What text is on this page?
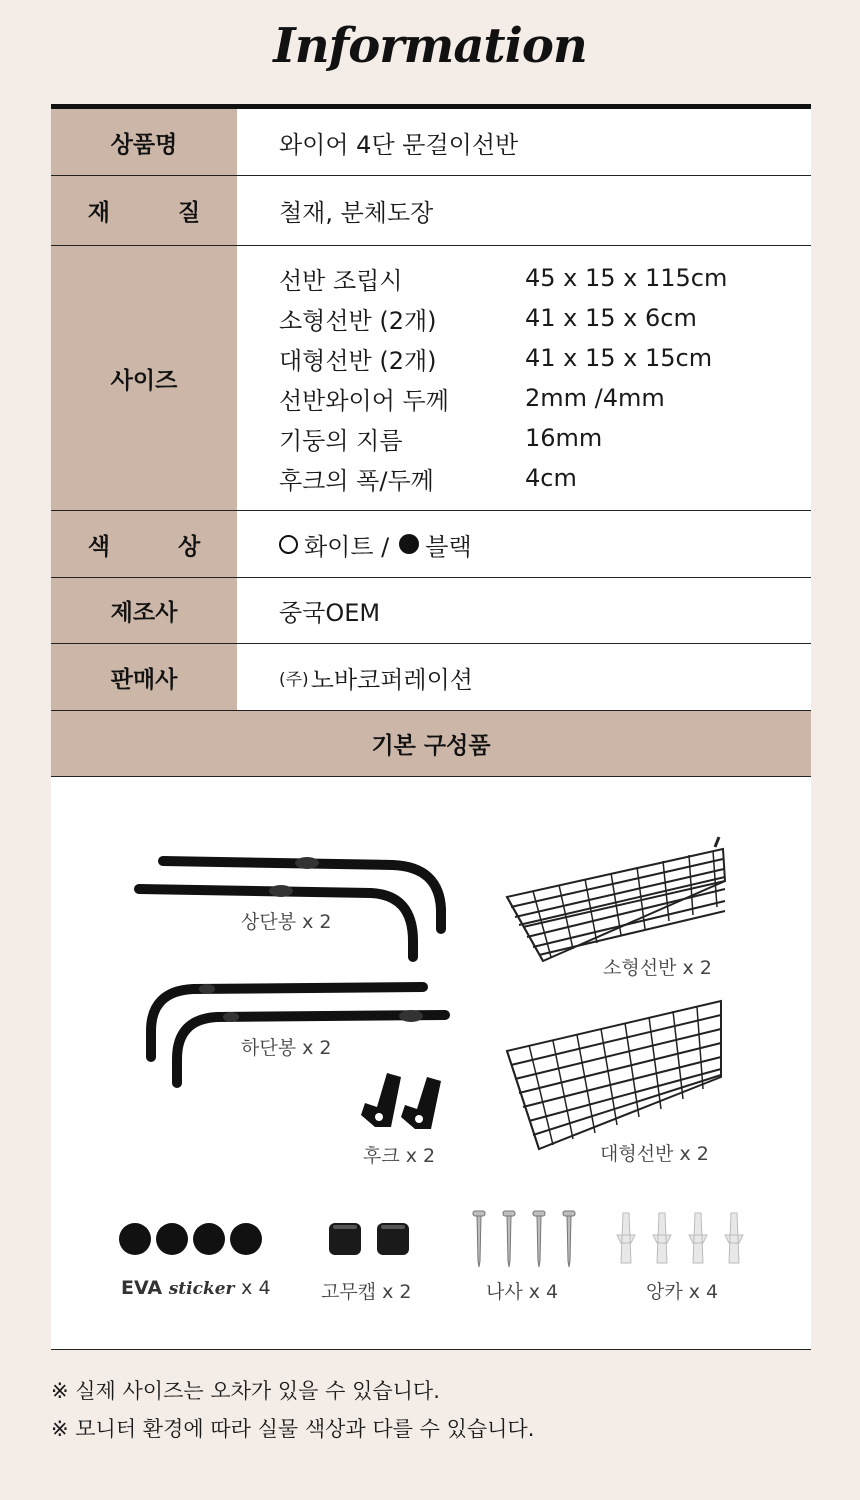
Information
상품명	와이어 4단 문걸이선반
재 질	철재, 분체도장
사이즈
선반 조립시	45 x 15 x 115cm
소형선반 (2개)	41 x 15 x 6cm
대형선반 (2개)	41 x 15 x 15cm
선반와이어 두께	2mm /4mm
기둥의 지름	16mm
후크의 폭/두께	4cm
색 상	화이트 / 블랙
제조사	중국OEM
판매사	(주) 노바코퍼레이션
기본 구성품
상단봉 x 2
소형선반 x 2
하단봉 x 2
후크 x 2	대형선반 x 2
EVA sticker x 4	고무캡 x 2	나사 x 4	앙카 x 4

※ 실제 사이즈는 오차가 있을 수 있습니다.

※ 모니터 환경에 따라 실물 색상과 다를 수 있습니다.
